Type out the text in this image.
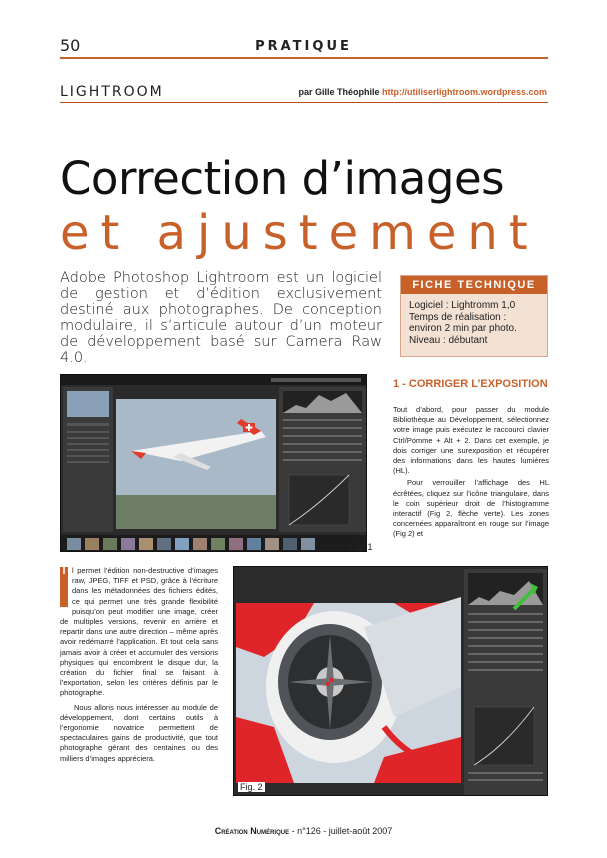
50	PRATIQUE
LIGHTROOM	par Gille Théophile http://utiliserlightroom.wordpress.com
Correction d’images
et ajustement
Adobe Photoshop Lightroom est un logiciel de gestion et d’édition exclusivement destiné aux photographes. De conception modulaire, il s’articule autour d’un moteur de développement basé sur Camera Raw 4.0.
FICHE TECHNIQUE
Logiciel : Lightromm 1,0
Temps de réalisation :
environ 2 min par photo.
Niveau : débutant
Fig. 1
1 - CORRIGER L’EXPOSITION

Tout d’abord, pour passer du module Bibliothèque au Développement, sélectionnez votre image puis exécutez le raccourci clavier Ctrl/Pomme + Alt + 2. Dans cet exemple, je dois corriger une surexposition et récupérer des informations dans les hautes lumières (HL).

Pour verrouiller l’affichage des HL écrêtées, cliquez sur l’icône triangulaire, dans le coin supérieur droit de l’histogramme interactif (Fig 2, flèche verte). Les zones concernées apparaîtront en rouge sur l’image (Fig 2) et

I l permet l’édition non-destructive d’images raw, JPEG, TIFF et PSD, grâce à l’écriture dans les métadonnées des fichiers édités, ce qui permet une très grande flexibilité puisqu’on peut modifier une image, créer de multiples versions, revenir en arrière et repartir dans une autre direction – même après avoir redémarré l’application. Et tout cela sans jamais avoir à créer et accumuler des versions physiques qui encombrent le disque dur, la création du fichier final se faisant à l’exportation, selon les critères définis par le photographe.

Nous allons nous intéresser au module de développement, dont certains outils à l’ergonomie novatrice permettent de spectaculaires gains de productivité, que tout photographe gérant des centaines ou des milliers d’images appréciera.

Fig. 2
Création Numérique - n°126 - juillet-août 2007
